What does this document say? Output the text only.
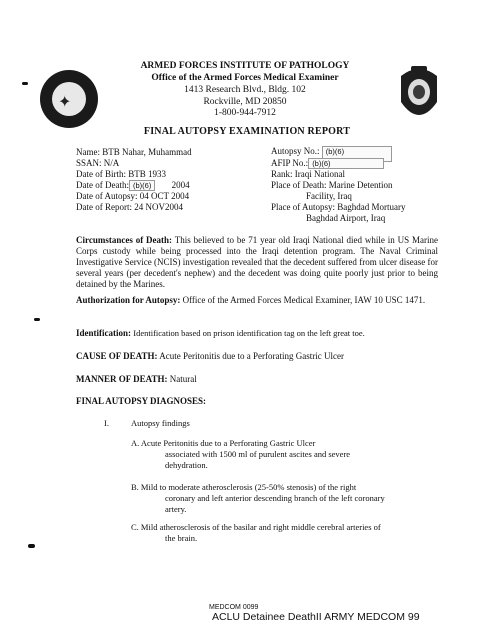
✦
ARMED FORCES INSTITUTE OF PATHOLOGY
Office of the Armed Forces Medical Examiner
1413 Research Blvd., Bldg. 102
Rockville, MD 20850
1-800-944-7912
FINAL AUTOPSY EXAMINATION REPORT
Name: BTB Nahar, Muhammad
SSAN: N/A
Date of Birth: BTB 1933
Date of Death: (b)(6) 2004
Date of Autopsy: 04 OCT 2004
Date of Report: 24 NOV2004
Autopsy No.: (b)(6)
AFIP No.: (b)(6)
Rank: Iraqi National
Place of Death: Marine Detention
Facility, Iraq
Place of Autopsy: Baghdad Mortuary
Baghdad Airport, Iraq
Circumstances of Death: This believed to be 71 year old Iraqi National died while in US Marine Corps custody while being processed into the Iraqi detention program. The Naval Criminal Investigative Service (NCIS) investigation revealed that the decedent suffered from ulcer disease for several years (per decedent's nephew) and the decedent was doing quite poorly just prior to being detained by the Marines.
Authorization for Autopsy: Office of the Armed Forces Medical Examiner, IAW 10 USC 1471.
Identification: Identification based on prison identification tag on the left great toe.
CAUSE OF DEATH: Acute Peritonitis due to a Perforating Gastric Ulcer
MANNER OF DEATH: Natural
FINAL AUTOPSY DIAGNOSES:
I.	Autopsy findings
A. Acute Peritonitis due to a Perforating Gastric Ulcer
associated with 1500 ml of purulent ascites and severe
dehydration.
B. Mild to moderate atherosclerosis (25-50% stenosis) of the right
coronary and left anterior descending branch of the left coronary
artery.
C. Mild atherosclerosis of the basilar and right middle cerebral arteries of
the brain.
MEDCOM 0099
ACLU Detainee DeathII ARMY MEDCOM 99
